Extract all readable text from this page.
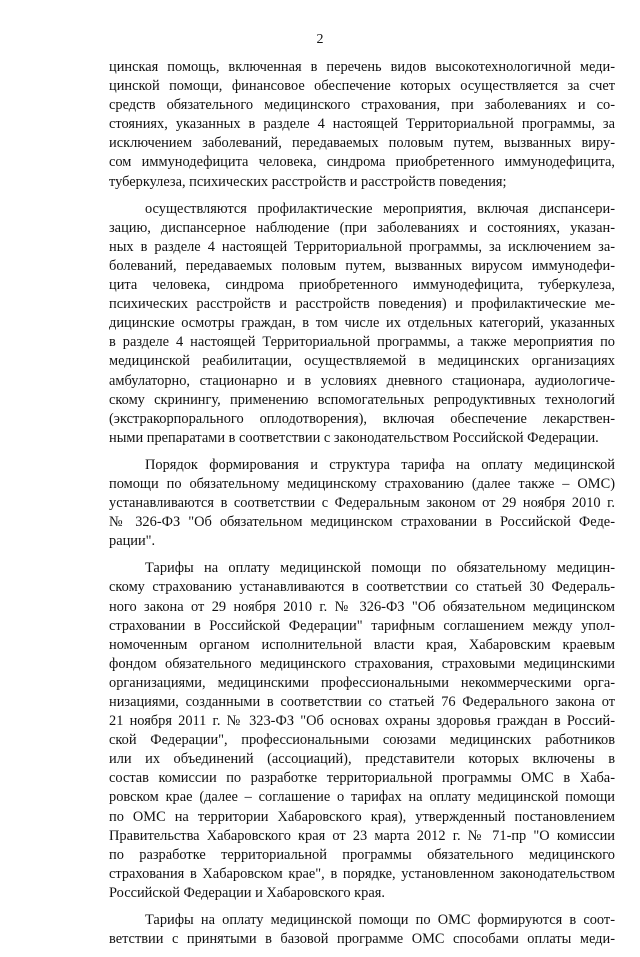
2

цинская помощь, включенная в перечень видов высокотехнологичной меди-
цинской помощи, финансовое обеспечение которых осуществляется за счет
средств обязательного медицинского страхования, при заболеваниях и со-
стояниях, указанных в разделе 4 настоящей Территориальной программы, за
исключением заболеваний, передаваемых половым путем, вызванных виру-
сом иммунодефицита человека, синдрома приобретенного иммунодефицита,
туберкулеза, психических расстройств и расстройств поведения;

осуществляются профилактические мероприятия, включая диспансери-
зацию, диспансерное наблюдение (при заболеваниях и состояниях, указан-
ных в разделе 4 настоящей Территориальной программы, за исключением за-
болеваний, передаваемых половым путем, вызванных вирусом иммунодефи-
цита человека, синдрома приобретенного иммунодефицита, туберкулеза,
психических расстройств и расстройств поведения) и профилактические ме-
дицинские осмотры граждан, в том числе их отдельных категорий, указанных
в разделе 4 настоящей Территориальной программы, а также мероприятия по
медицинской реабилитации, осуществляемой в медицинских организациях
амбулаторно, стационарно и в условиях дневного стационара, аудиологиче-
скому скринингу, применению вспомогательных репродуктивных технологий
(экстракорпорального оплодотворения), включая обеспечение лекарствен-
ными препаратами в соответствии с законодательством Российской Федерации.

Порядок формирования и структура тарифа на оплату медицинской
помощи по обязательному медицинскому страхованию (далее также – ОМС)
устанавливаются в соответствии с Федеральным законом от 29 ноября 2010 г.
№ 326-ФЗ "Об обязательном медицинском страховании в Российской Феде-
рации".

Тарифы на оплату медицинской помощи по обязательному медицин-
скому страхованию устанавливаются в соответствии со статьей 30 Федераль-
ного закона от 29 ноября 2010 г. № 326-ФЗ "Об обязательном медицинском
страховании в Российской Федерации" тарифным соглашением между упол-
номоченным органом исполнительной власти края, Хабаровским краевым
фондом обязательного медицинского страхования, страховыми медицинскими
организациями, медицинскими профессиональными некоммерческими орга-
низациями, созданными в соответствии со статьей 76 Федерального закона от
21 ноября 2011 г. № 323-ФЗ "Об основах охраны здоровья граждан в Россий-
ской Федерации", профессиональными союзами медицинских работников
или их объединений (ассоциаций), представители которых включены в
состав комиссии по разработке территориальной программы ОМС в Хаба-
ровском крае (далее – соглашение о тарифах на оплату медицинской помощи
по ОМС на территории Хабаровского края), утвержденный постановлением
Правительства Хабаровского края от 23 марта 2012 г. № 71-пр "О комиссии
по разработке территориальной программы обязательного медицинского
страхования в Хабаровском крае", в порядке, установленном законодательством
Российской Федерации и Хабаровского края.

Тарифы на оплату медицинской помощи по ОМС формируются в соот-
ветствии с принятыми в базовой программе ОМС способами оплаты меди-
